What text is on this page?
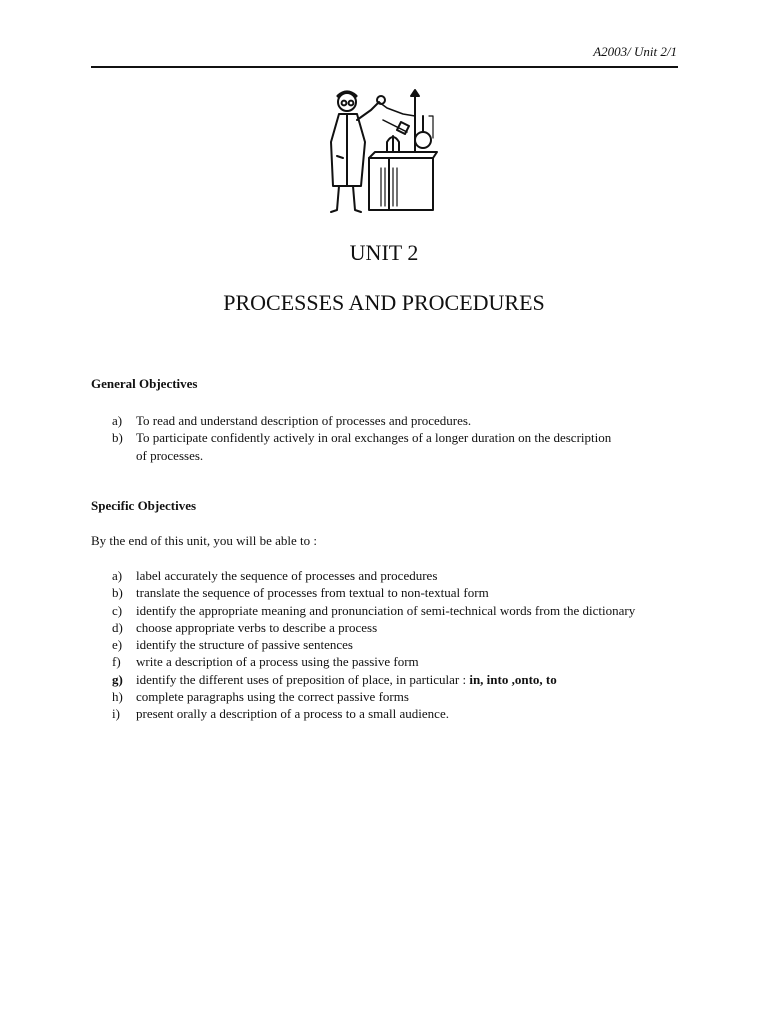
A2003/ Unit 2/1
UNIT 2
PROCESSES AND PROCEDURES
General Objectives
a)	To read and understand description of processes and procedures.
b)	To participate confidently actively in oral exchanges of a longer duration on the description of processes.
Specific Objectives
By the end of this unit, you will be able to :
a)	label accurately the sequence of processes and procedures
b)	translate the sequence of processes from textual to non-textual form
c)	identify the appropriate meaning and pronunciation of semi-technical words from the dictionary
d)	choose appropriate verbs to describe a process
e)	identify the structure of passive sentences
f)	write a description of a process using the passive form
g)	identify the different uses of preposition of place, in particular : in, into ,onto, to
h)	complete paragraphs using the correct passive forms
i)	present orally a description of a process to a small audience.
